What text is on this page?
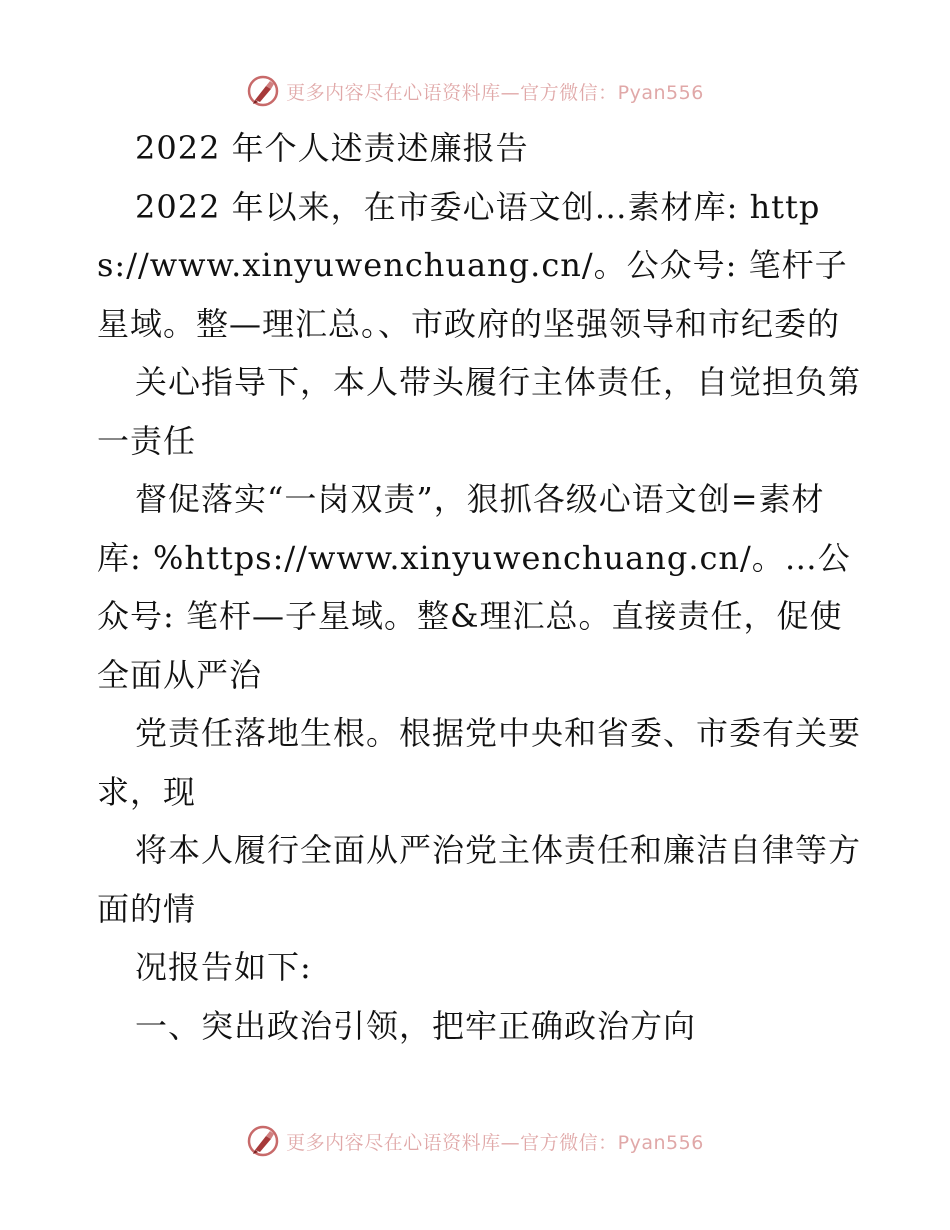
更多内容尽在心语资料库—官方微信：Pyan556

2022 年个人述责述廉报告

2022 年以来，在市委心语文创…素材库: https://www.xinyuwenchuang.cn/。公众号: 笔杆子星域。整—理汇总。、市政府的坚强领导和市纪委的

关心指导下，本人带头履行主体责任，自觉担负第一责任

督促落实“一岗双责”，狠抓各级心语文创=素材库: %https://www.xinyuwenchuang.cn/。…公众号: 笔杆—子星域。整&理汇总。直接责任，促使全面从严治

党责任落地生根。根据党中央和省委、市委有关要求，现

将本人履行全面从严治党主体责任和廉洁自律等方面的情

况报告如下:

一、突出政治引领，把牢正确政治方向

更多内容尽在心语资料库—官方微信：Pyan556
